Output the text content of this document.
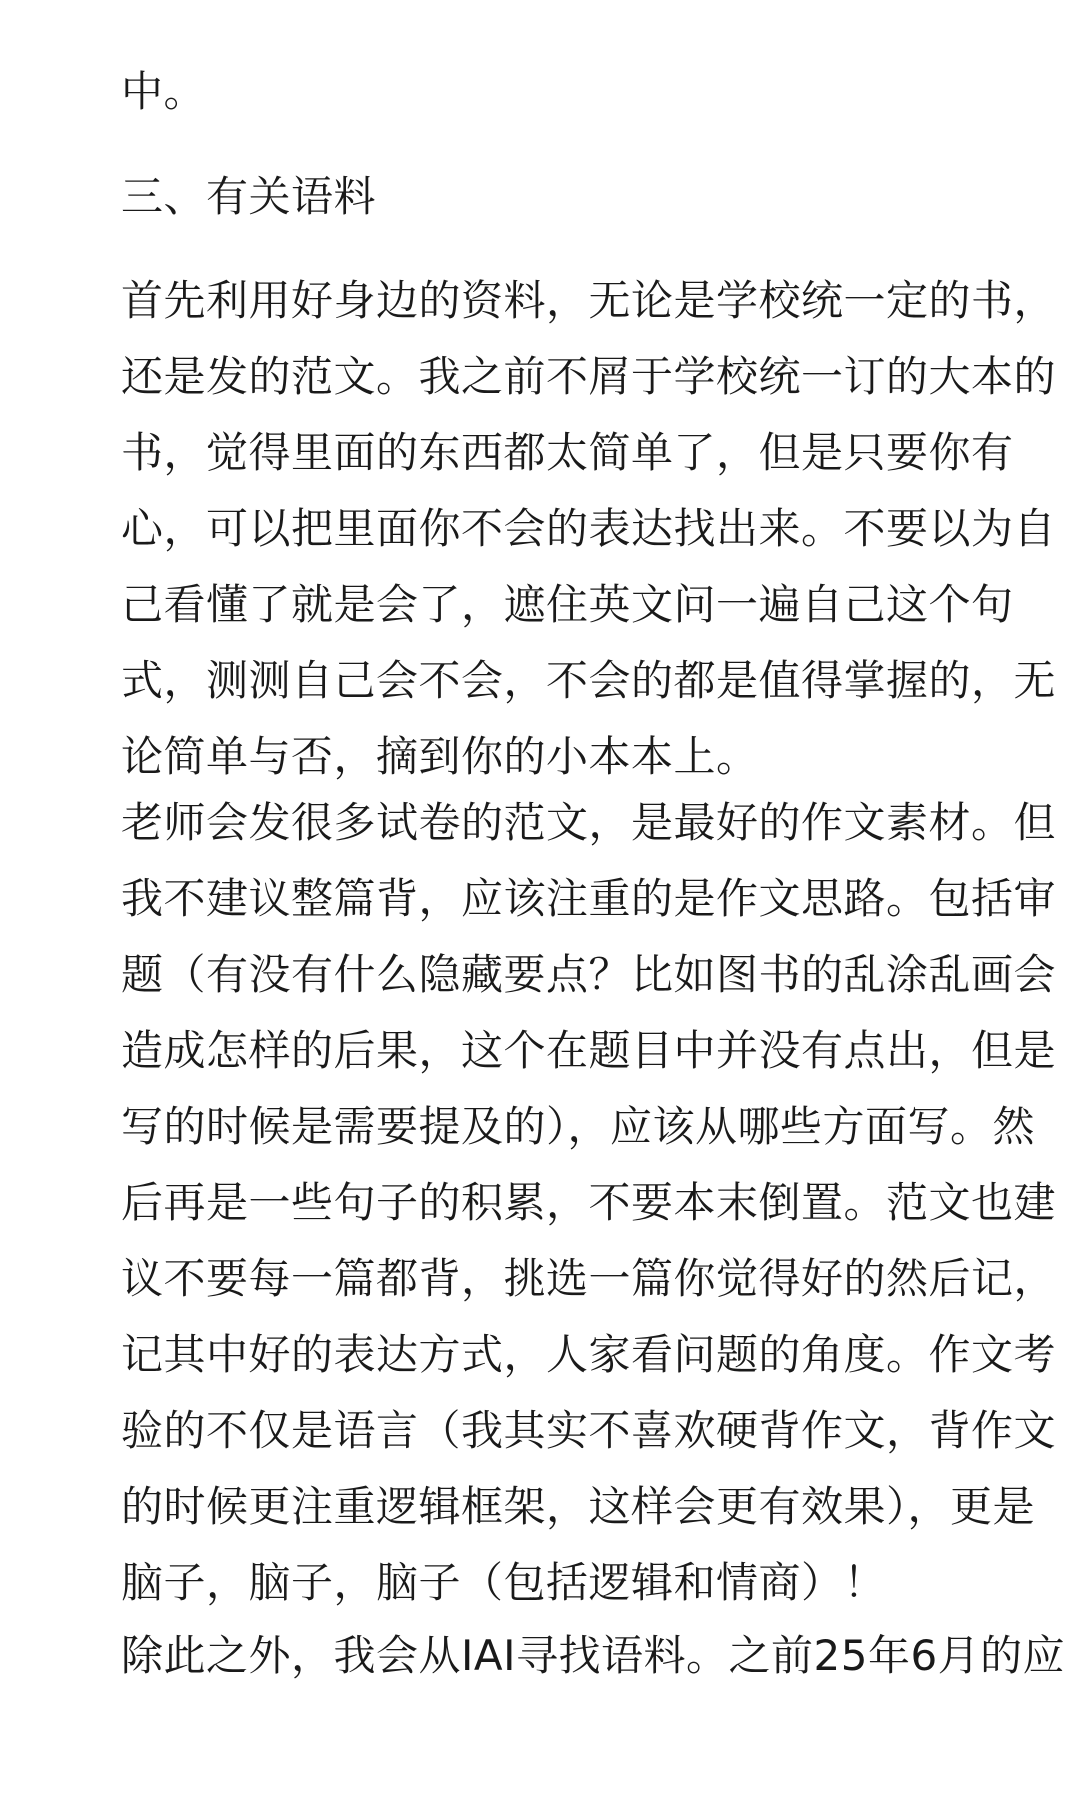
中。

三、有关语料

首先利用好身边的资料，无论是学校统一定的书，
还是发的范文。我之前不屑于学校统一订的大本的
书，觉得里面的东西都太简单了，但是只要你有
心，可以把里面你不会的表达找出来。不要以为自
己看懂了就是会了，遮住英文问一遍自己这个句
式，测测自己会不会，不会的都是值得掌握的，无
论简单与否，摘到你的小本本上。

老师会发很多试卷的范文，是最好的作文素材。但
我不建议整篇背，应该注重的是作文思路。包括审
题（有没有什么隐藏要点？比如图书的乱涂乱画会
造成怎样的后果，这个在题目中并没有点出，但是
写的时候是需要提及的），应该从哪些方面写。然
后再是一些句子的积累，不要本末倒置。范文也建
议不要每一篇都背，挑选一篇你觉得好的然后记，
记其中好的表达方式，人家看问题的角度。作文考
验的不仅是语言（我其实不喜欢硬背作文，背作文
的时候更注重逻辑框架，这样会更有效果），更是
脑子，脑子，脑子（包括逻辑和情商）！

除此之外，我会从IAI寻找语料。之前25年6月的应
